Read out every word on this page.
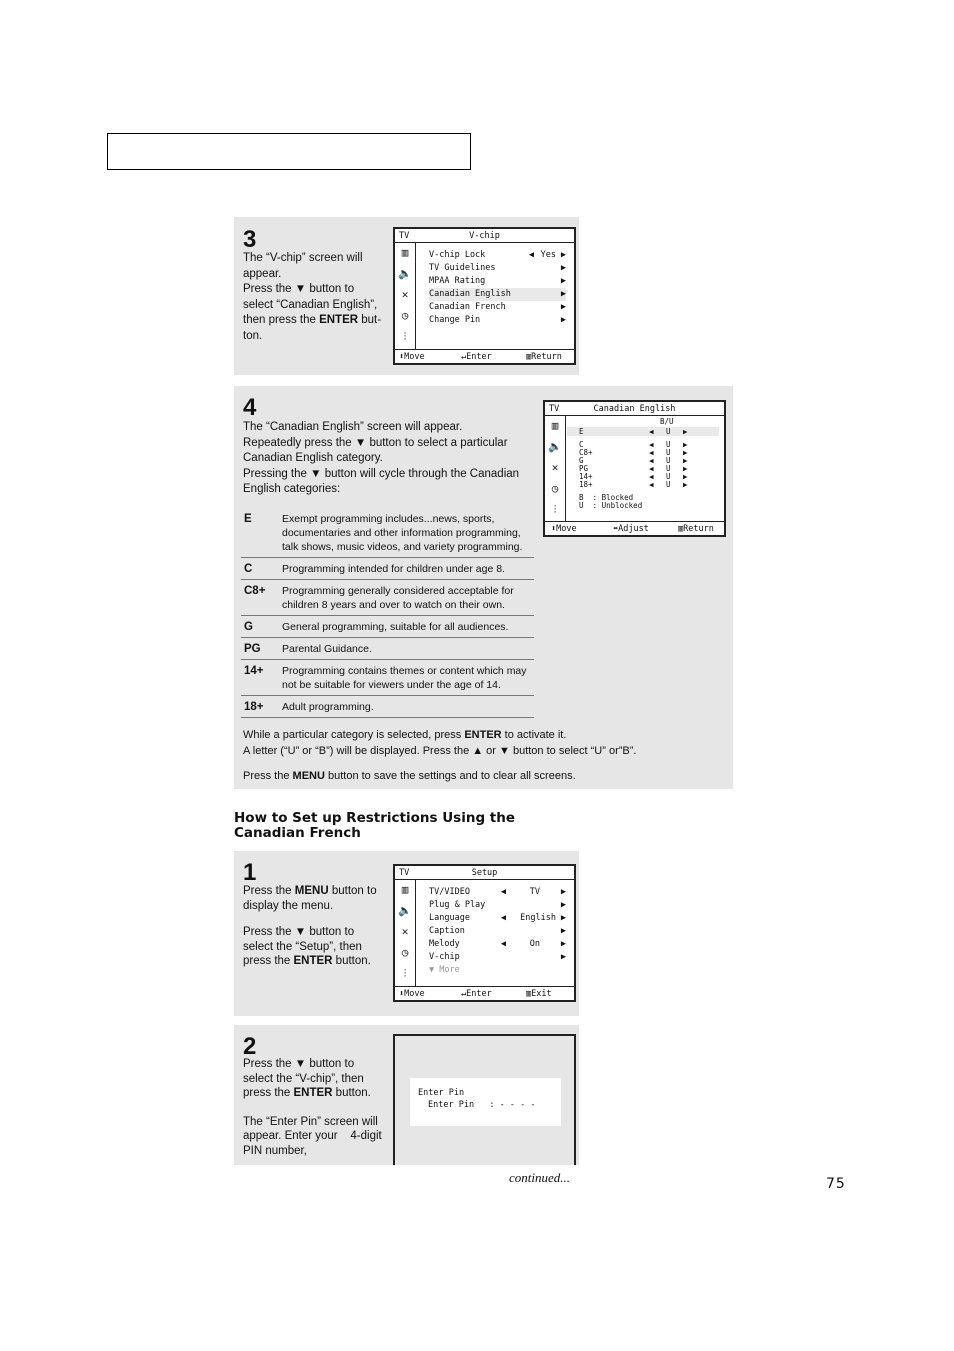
3
The “V-chip” screen will
appear.
Press the ▼ button to
select “Canadian English”,
then press the ENTER but-
ton.
TV	V-chip
▥
🔈
✕
◷
⫶
V-chip Lock	◀ Yes ▶
TV Guidelines	▶
MPAA Rating	▶
Canadian English	▶
Canadian French	▶
Change Pin	▶
⬍Move	↵Enter	▥Return
4
The “Canadian English” screen will appear.
Repeatedly press the ▼ button to select a particular
Canadian English category.
Pressing the ▼ button will cycle through the Canadian
English categories:
E	Exempt programming includes...news, sports, documentaries and other information programming, talk shows, music videos, and variety programming.
C	Programming intended for children under age 8.
C8+	Programming generally considered acceptable for children 8 years and over to watch on their own.
G	General programming, suitable for all audiences.
PG	Parental Guidance.
14+	Programming contains themes or content which may not be suitable for viewers under the age of 14.
18+	Adult programming.
While a particular category is selected, press ENTER to activate it.
A letter (“U” or “B”) will be displayed. Press the ▲ or ▼ button to select “U” or”B”.
Press the MENU button to save the settings and to clear all screens.
TV	Canadian English
▥
🔈
✕
◷
⫶
B/U
E	◀ U ▶
C	◀ U ▶
C8+	◀ U ▶
G	◀ U ▶
PG	◀ U ▶
14+	◀ U ▶
18+	◀ U ▶
B  : Blocked
U  : Unblocked
⬍Move	⬌Adjust	▥Return
How to Set up Restrictions Using the
Canadian French
1
Press the MENU button to
display the menu.
Press the ▼ button to
select the “Setup”, then
press the ENTER button.
TV	Setup
▥
🔈
✕
◷
⫶
TV/VIDEO	◀	TV ▶
Plug & Play	▶
Language	◀ English ▶
Caption	▶
Melody	◀	On ▶
V-chip	▶
▼ More
⬍Move	↵Enter	▥Exit
2
Press the ▼ button to
select the “V-chip”, then
press the ENTER button.
The “Enter Pin” screen will
appear. Enter your    4-digit
PIN number,
Enter Pin
Enter Pin   : - - - -
continued...	75
